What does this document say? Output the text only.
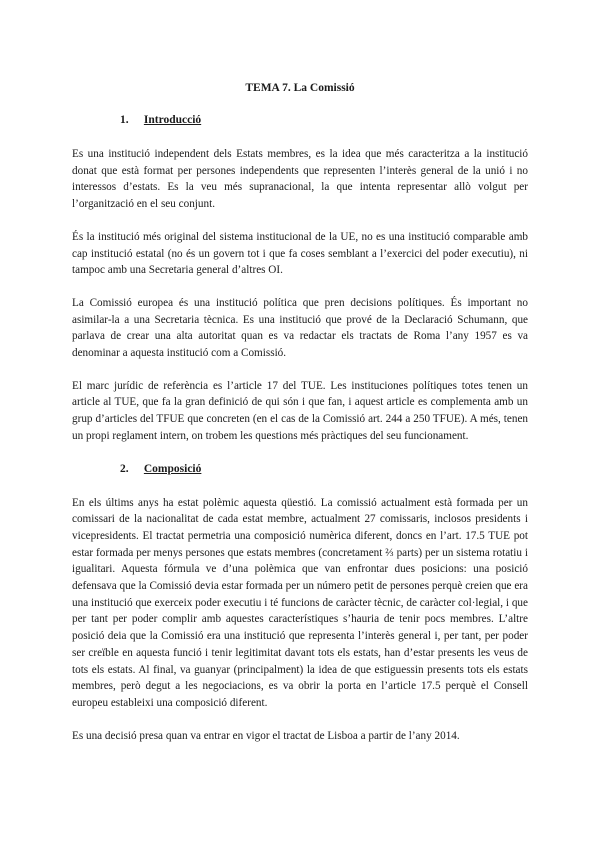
TEMA 7. La Comissió
1. Introducció

Es una institució independent dels Estats membres, es la idea que més caracteritza a la institució donat que està format per persones independents que representen l’interès general de la unió i no interessos d’estats. Es la veu més supranacional, la que intenta representar allò volgut per l’organització en el seu conjunt.

És la institució més original del sistema institucional de la UE, no es una institució comparable amb cap institució estatal (no és un govern tot i que fa coses semblant a l’exercici del poder executiu), ni tampoc amb una Secretaria general d’altres OI.

La Comissió europea és una institució política que pren decisions polítiques. És important no asimilar-la a una Secretaria tècnica. Es una institució que prové de la Declaració Schumann, que parlava de crear una alta autoritat quan es va redactar els tractats de Roma l’any 1957 es va denominar a aquesta institució com a Comissió.

El marc jurídic de referència es l’article 17 del TUE. Les instituciones polítiques totes tenen un article al TUE, que fa la gran definició de qui són i que fan, i aquest article es complementa amb un grup d’articles del TFUE que concreten (en el cas de la Comissió art. 244 a 250 TFUE). A més, tenen un propi reglament intern, on trobem les questions més pràctiques del seu funcionament.

2. Composició

En els últims anys ha estat polèmic aquesta qüestió. La comissió actualment està formada per un comissari de la nacionalitat de cada estat membre, actualment 27 comissaris, inclosos presidents i vicepresidents. El tractat permetria una composició numèrica diferent, doncs en l’art. 17.5 TUE pot estar formada per menys persones que estats membres (concretament ⅔ parts) per un sistema rotatiu i igualitari. Aquesta fórmula ve d’una polèmica que van enfrontar dues posicions: una posició defensava que la Comissió devia estar formada per un número petit de persones perquè creien que era una institució que exerceix poder executiu i té funcions de caràcter tècnic, de caràcter col·legial, i que per tant per poder complir amb aquestes característiques s’hauria de tenir pocs membres. L’altre posició deia que la Comissió era una institució que representa l’interès general i, per tant, per poder ser creïble en aquesta funció i tenir legitimitat davant tots els estats, han d’estar presents les veus de tots els estats. Al final, va guanyar (principalment) la idea de que estiguessin presents tots els estats membres, però degut a les negociacions, es va obrir la porta en l’article 17.5 perquè el Consell europeu estableixi una composició diferent.

Es una decisió presa quan va entrar en vigor el tractat de Lisboa a partir de l’any 2014.
